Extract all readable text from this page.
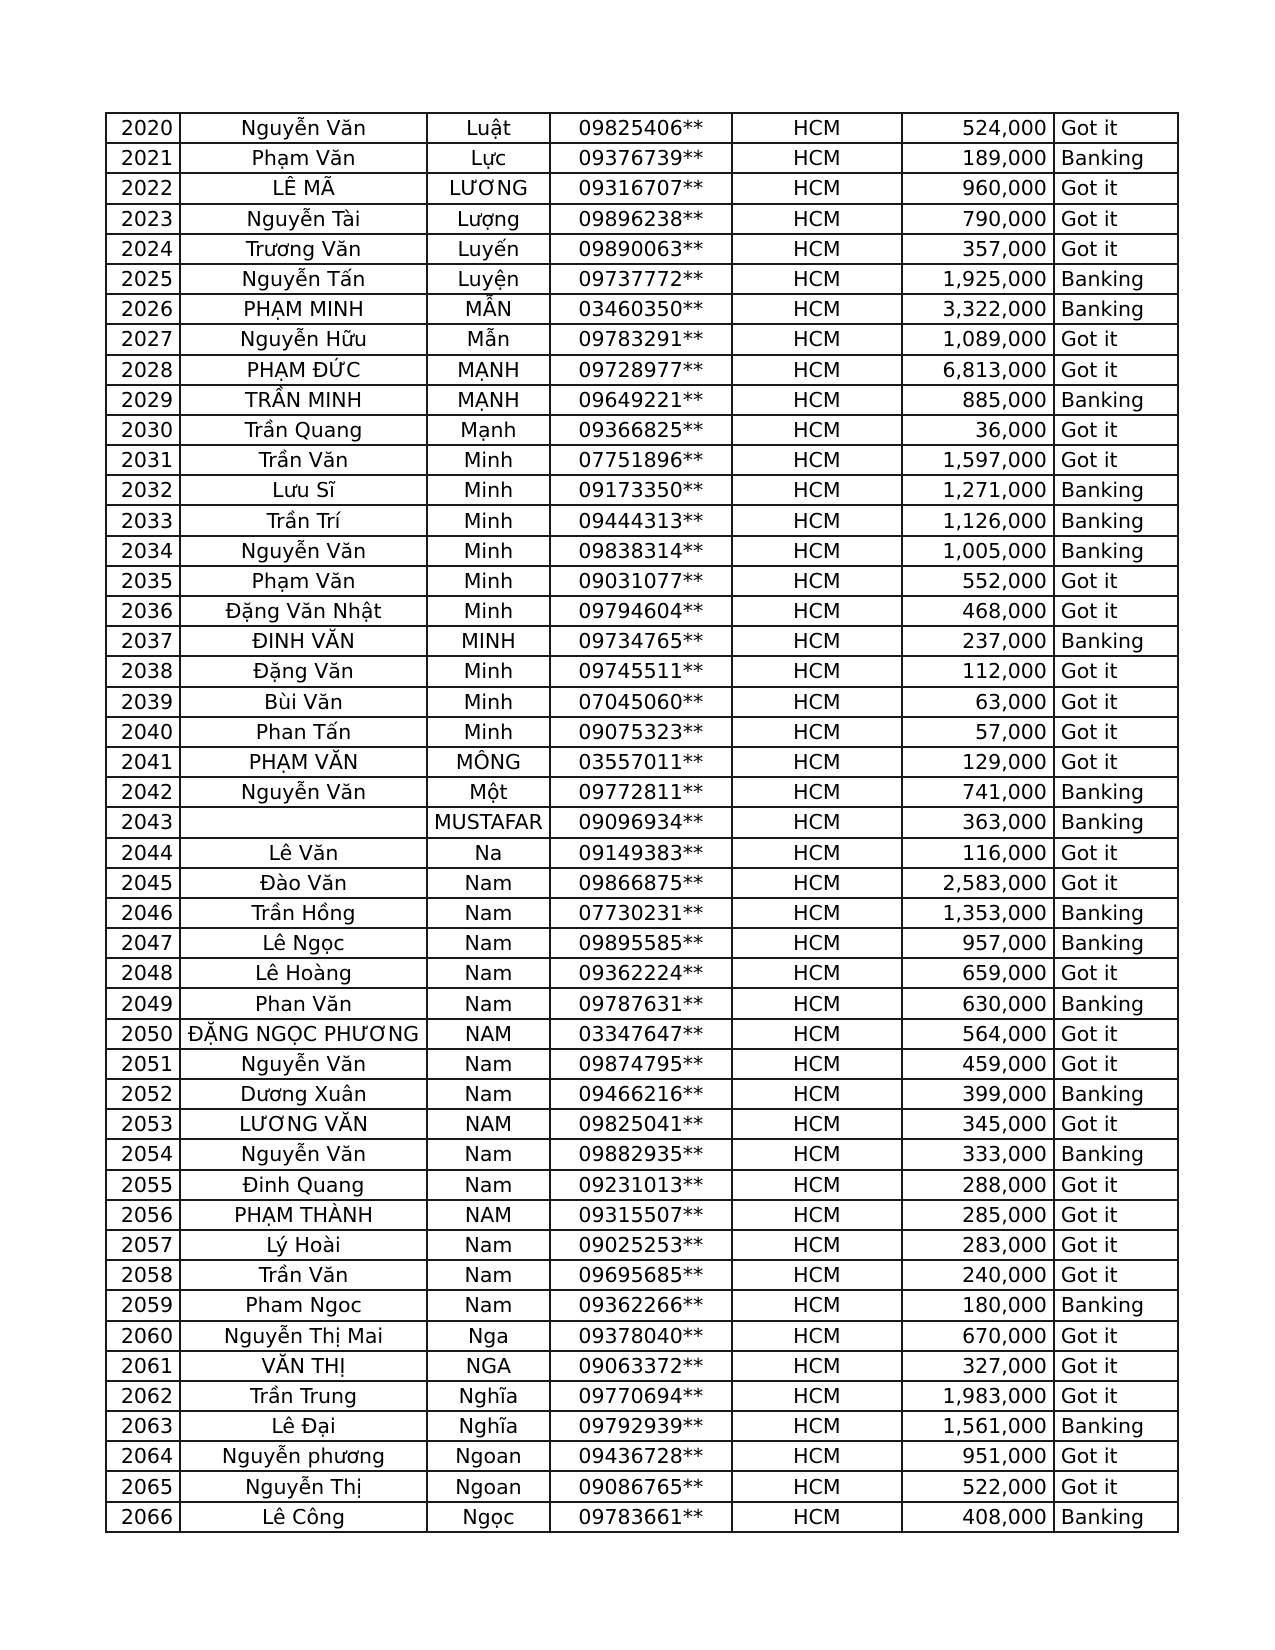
2020	Nguyễn Văn	Luật	09825406**	HCM	524,000	Got it
2021	Phạm Văn	Lực	09376739**	HCM	189,000	Banking
2022	LÊ MÃ	LƯƠNG	09316707**	HCM	960,000	Got it
2023	Nguyễn Tài	Lượng	09896238**	HCM	790,000	Got it
2024	Trương Văn	Luyến	09890063**	HCM	357,000	Got it
2025	Nguyễn Tấn	Luyện	09737772**	HCM	1,925,000	Banking
2026	PHẠM MINH	MẪN	03460350**	HCM	3,322,000	Banking
2027	Nguyễn Hữu	Mẫn	09783291**	HCM	1,089,000	Got it
2028	PHẠM ĐỨC	MẠNH	09728977**	HCM	6,813,000	Got it
2029	TRẦN MINH	MẠNH	09649221**	HCM	885,000	Banking
2030	Trần Quang	Mạnh	09366825**	HCM	36,000	Got it
2031	Trần Văn	Minh	07751896**	HCM	1,597,000	Got it
2032	Lưu Sĩ	Minh	09173350**	HCM	1,271,000	Banking
2033	Trần Trí	Minh	09444313**	HCM	1,126,000	Banking
2034	Nguyễn Văn	Minh	09838314**	HCM	1,005,000	Banking
2035	Phạm Văn	Minh	09031077**	HCM	552,000	Got it
2036	Đặng Văn Nhật	Minh	09794604**	HCM	468,000	Got it
2037	ĐINH VĂN	MINH	09734765**	HCM	237,000	Banking
2038	Đặng Văn	Minh	09745511**	HCM	112,000	Got it
2039	Bùi Văn	Minh	07045060**	HCM	63,000	Got it
2040	Phan Tấn	Minh	09075323**	HCM	57,000	Got it
2041	PHẠM VĂN	MÔNG	03557011**	HCM	129,000	Got it
2042	Nguyễn Văn	Một	09772811**	HCM	741,000	Banking
2043		MUSTAFAR	09096934**	HCM	363,000	Banking
2044	Lê Văn	Na	09149383**	HCM	116,000	Got it
2045	Đào Văn	Nam	09866875**	HCM	2,583,000	Got it
2046	Trần Hồng	Nam	07730231**	HCM	1,353,000	Banking
2047	Lê Ngọc	Nam	09895585**	HCM	957,000	Banking
2048	Lê Hoàng	Nam	09362224**	HCM	659,000	Got it
2049	Phan Văn	Nam	09787631**	HCM	630,000	Banking
2050	ĐẶNG NGỌC PHƯƠNG	NAM	03347647**	HCM	564,000	Got it
2051	Nguyễn Văn	Nam	09874795**	HCM	459,000	Got it
2052	Dương Xuân	Nam	09466216**	HCM	399,000	Banking
2053	LƯƠNG VĂN	NAM	09825041**	HCM	345,000	Got it
2054	Nguyễn Văn	Nam	09882935**	HCM	333,000	Banking
2055	Đinh Quang	Nam	09231013**	HCM	288,000	Got it
2056	PHẠM THÀNH	NAM	09315507**	HCM	285,000	Got it
2057	Lý Hoài	Nam	09025253**	HCM	283,000	Got it
2058	Trần Văn	Nam	09695685**	HCM	240,000	Got it
2059	Pham Ngoc	Nam	09362266**	HCM	180,000	Banking
2060	Nguyễn Thị Mai	Nga	09378040**	HCM	670,000	Got it
2061	VĂN THỊ	NGA	09063372**	HCM	327,000	Got it
2062	Trần Trung	Nghĩa	09770694**	HCM	1,983,000	Got it
2063	Lê Đại	Nghĩa	09792939**	HCM	1,561,000	Banking
2064	Nguyễn phương	Ngoan	09436728**	HCM	951,000	Got it
2065	Nguyễn Thị	Ngoan	09086765**	HCM	522,000	Got it
2066	Lê Công	Ngọc	09783661**	HCM	408,000	Banking
